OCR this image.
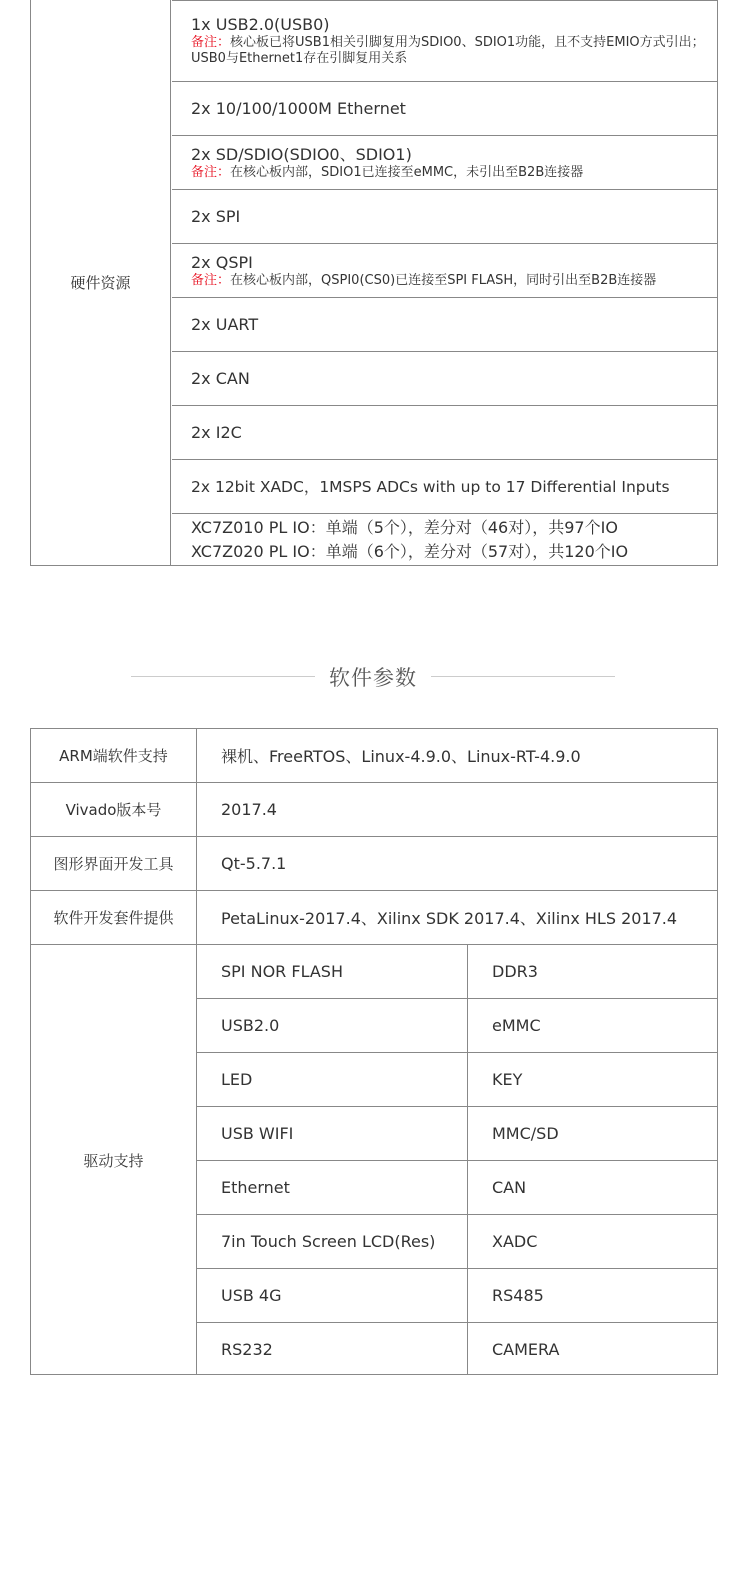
硬件资源
1x USB2.0(USB0)
备注：核心板已将USB1相关引脚复用为SDIO0、SDIO1功能，且不支持EMIO方式引出；USB0与Ethernet1存在引脚复用关系
2x 10/100/1000M Ethernet
2x SD/SDIO(SDIO0、SDIO1)
备注：在核心板内部，SDIO1已连接至eMMC，未引出至B2B连接器
2x SPI
2x QSPI
备注：在核心板内部，QSPI0(CS0)已连接至SPI FLASH，同时引出至B2B连接器
2x UART
2x CAN
2x I2C
2x 12bit XADC，1MSPS ADCs with up to 17 Differential Inputs
XC7Z010 PL IO：单端（5个），差分对（46对），共97个IO
XC7Z020 PL IO：单端（6个），差分对（57对），共120个IO
软件参数
ARM端软件支持	裸机、FreeRTOS、Linux-4.9.0、Linux-RT-4.9.0
Vivado版本号	2017.4
图形界面开发工具	Qt-5.7.1
软件开发套件提供	PetaLinux-2017.4、Xilinx SDK 2017.4、Xilinx HLS 2017.4
驱动支持
SPI NOR FLASH	DDR3
USB2.0	eMMC
LED	KEY
USB WIFI	MMC/SD
Ethernet	CAN
7in Touch Screen LCD(Res)	XADC
USB 4G	RS485
RS232	CAMERA
